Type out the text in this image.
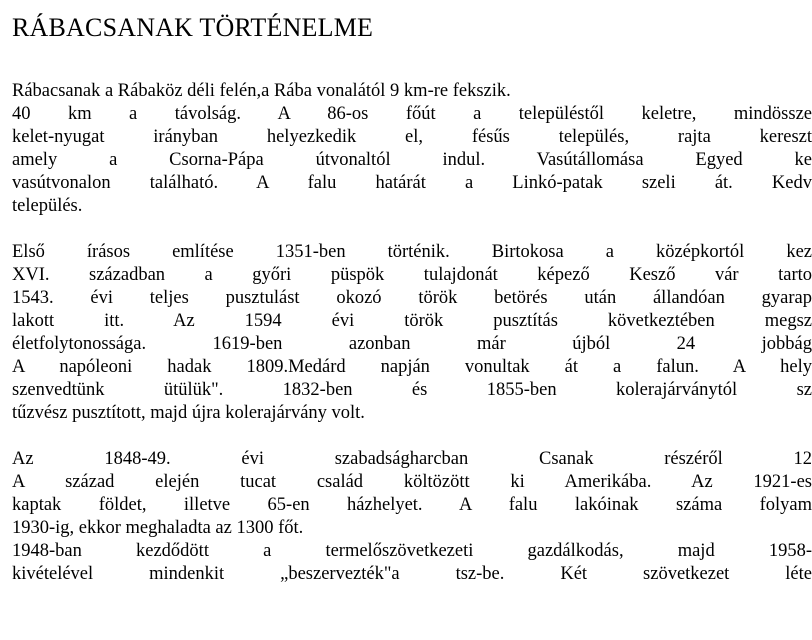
RÁBACSANAK TÖRTÉNELME
Rábacsanak a Rábaköz déli felén,a Rába vonalától 9 km-re fekszik.
40 km a távolság. A 86-os főút a településtől keletre, mindössze
kelet-nyugat irányban helyezkedik el, fésűs település, rajta kereszt
amely a Csorna-Pápa útvonaltól indul. Vasútállomása Egyed ke
vasútvonalon található. A falu határát a Linkó-patak szeli át. Kedv
település.
Első írásos említése 1351-ben történik. Birtokosa a középkortól kez
XVI. században a győri püspök tulajdonát képező Kesző vár tarto
1543. évi teljes pusztulást okozó török betörés után állandóan gyarap
lakott itt. Az 1594 évi török pusztítás következtében megsz
életfolytonossága. 1619-ben azonban már újból 24 jobbág
A napóleoni hadak 1809.Medárd napján vonultak át a falun. A hely
szenvedtünk ütülük". 1832-ben és 1855-ben kolerajárványtól sz
tűzvész pusztított, majd újra kolerajárvány volt.
Az 1848-49. évi szabadságharcban Csanak részéről 12
A század elején tucat család költözött ki Amerikába. Az 1921-es
kaptak földet, illetve 65-en házhelyet. A falu lakóinak száma folyam
1930-ig, ekkor meghaladta az 1300 főt.
1948-ban kezdődött a termelőszövetkezeti gazdálkodás, majd 1958-
kivételével mindenkit „beszervezték"a tsz-be. Két szövetkezet léte
